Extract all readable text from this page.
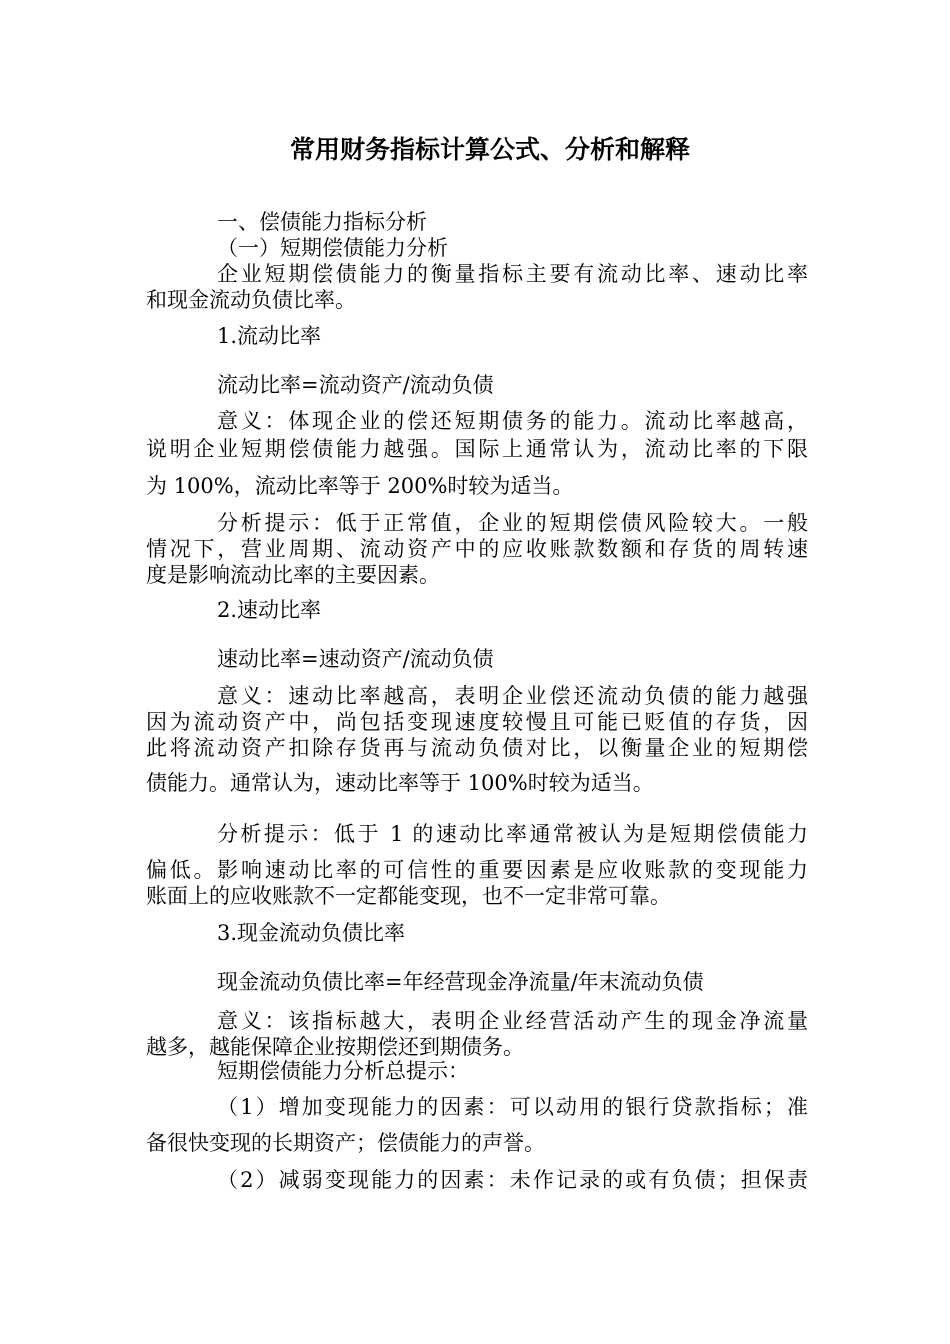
常用财务指标计算公式、分析和解释
一、偿债能力指标分析
（一）短期偿债能力分析
企业短期偿债能力的衡量指标主要有流动比率、速动比率
和现金流动负债比率。
1.流动比率
流动比率=流动资产/流动负债
意义：体现企业的偿还短期债务的能力。流动比率越高，
说明企业短期偿债能力越强。国际上通常认为，流动比率的下限
为 100%，流动比率等于 200%时较为适当。
分析提示：低于正常值，企业的短期偿债风险较大。一般
情况下，营业周期、流动资产中的应收账款数额和存货的周转速
度是影响流动比率的主要因素。
2.速动比率
速动比率=速动资产/流动负债
意义：速动比率越高，表明企业偿还流动负债的能力越强
因为流动资产中，尚包括变现速度较慢且可能已贬值的存货，因
此将流动资产扣除存货再与流动负债对比，以衡量企业的短期偿
债能力。通常认为，速动比率等于 100%时较为适当。
分析提示：低于 1 的速动比率通常被认为是短期偿债能力
偏低。影响速动比率的可信性的重要因素是应收账款的变现能力
账面上的应收账款不一定都能变现，也不一定非常可靠。
3.现金流动负债比率
现金流动负债比率=年经营现金净流量/年末流动负债
意义：该指标越大，表明企业经营活动产生的现金净流量
越多，越能保障企业按期偿还到期债务。
短期偿债能力分析总提示：
（1）增加变现能力的因素：可以动用的银行贷款指标；准
备很快变现的长期资产；偿债能力的声誉。
（2）减弱变现能力的因素：未作记录的或有负债；担保责
